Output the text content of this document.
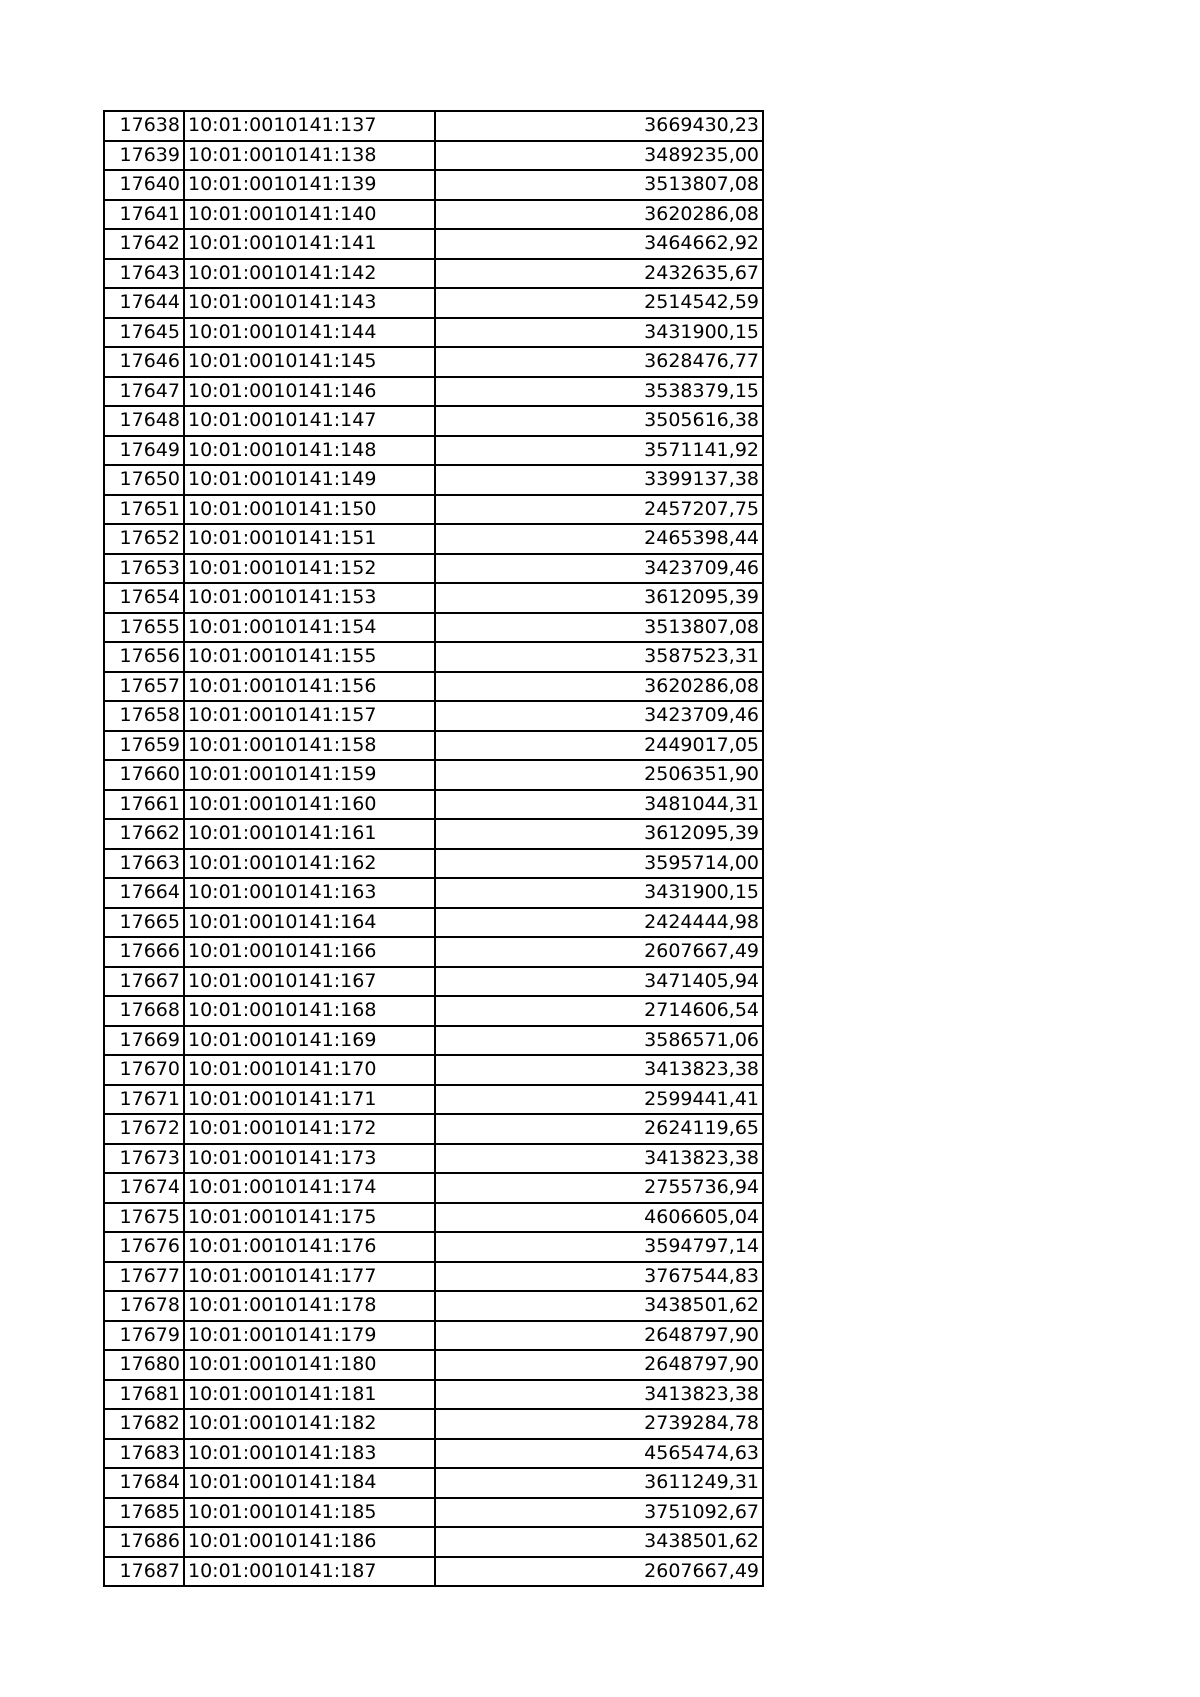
17638	10:01:0010141:137	3669430,23
17639	10:01:0010141:138	3489235,00
17640	10:01:0010141:139	3513807,08
17641	10:01:0010141:140	3620286,08
17642	10:01:0010141:141	3464662,92
17643	10:01:0010141:142	2432635,67
17644	10:01:0010141:143	2514542,59
17645	10:01:0010141:144	3431900,15
17646	10:01:0010141:145	3628476,77
17647	10:01:0010141:146	3538379,15
17648	10:01:0010141:147	3505616,38
17649	10:01:0010141:148	3571141,92
17650	10:01:0010141:149	3399137,38
17651	10:01:0010141:150	2457207,75
17652	10:01:0010141:151	2465398,44
17653	10:01:0010141:152	3423709,46
17654	10:01:0010141:153	3612095,39
17655	10:01:0010141:154	3513807,08
17656	10:01:0010141:155	3587523,31
17657	10:01:0010141:156	3620286,08
17658	10:01:0010141:157	3423709,46
17659	10:01:0010141:158	2449017,05
17660	10:01:0010141:159	2506351,90
17661	10:01:0010141:160	3481044,31
17662	10:01:0010141:161	3612095,39
17663	10:01:0010141:162	3595714,00
17664	10:01:0010141:163	3431900,15
17665	10:01:0010141:164	2424444,98
17666	10:01:0010141:166	2607667,49
17667	10:01:0010141:167	3471405,94
17668	10:01:0010141:168	2714606,54
17669	10:01:0010141:169	3586571,06
17670	10:01:0010141:170	3413823,38
17671	10:01:0010141:171	2599441,41
17672	10:01:0010141:172	2624119,65
17673	10:01:0010141:173	3413823,38
17674	10:01:0010141:174	2755736,94
17675	10:01:0010141:175	4606605,04
17676	10:01:0010141:176	3594797,14
17677	10:01:0010141:177	3767544,83
17678	10:01:0010141:178	3438501,62
17679	10:01:0010141:179	2648797,90
17680	10:01:0010141:180	2648797,90
17681	10:01:0010141:181	3413823,38
17682	10:01:0010141:182	2739284,78
17683	10:01:0010141:183	4565474,63
17684	10:01:0010141:184	3611249,31
17685	10:01:0010141:185	3751092,67
17686	10:01:0010141:186	3438501,62
17687	10:01:0010141:187	2607667,49
